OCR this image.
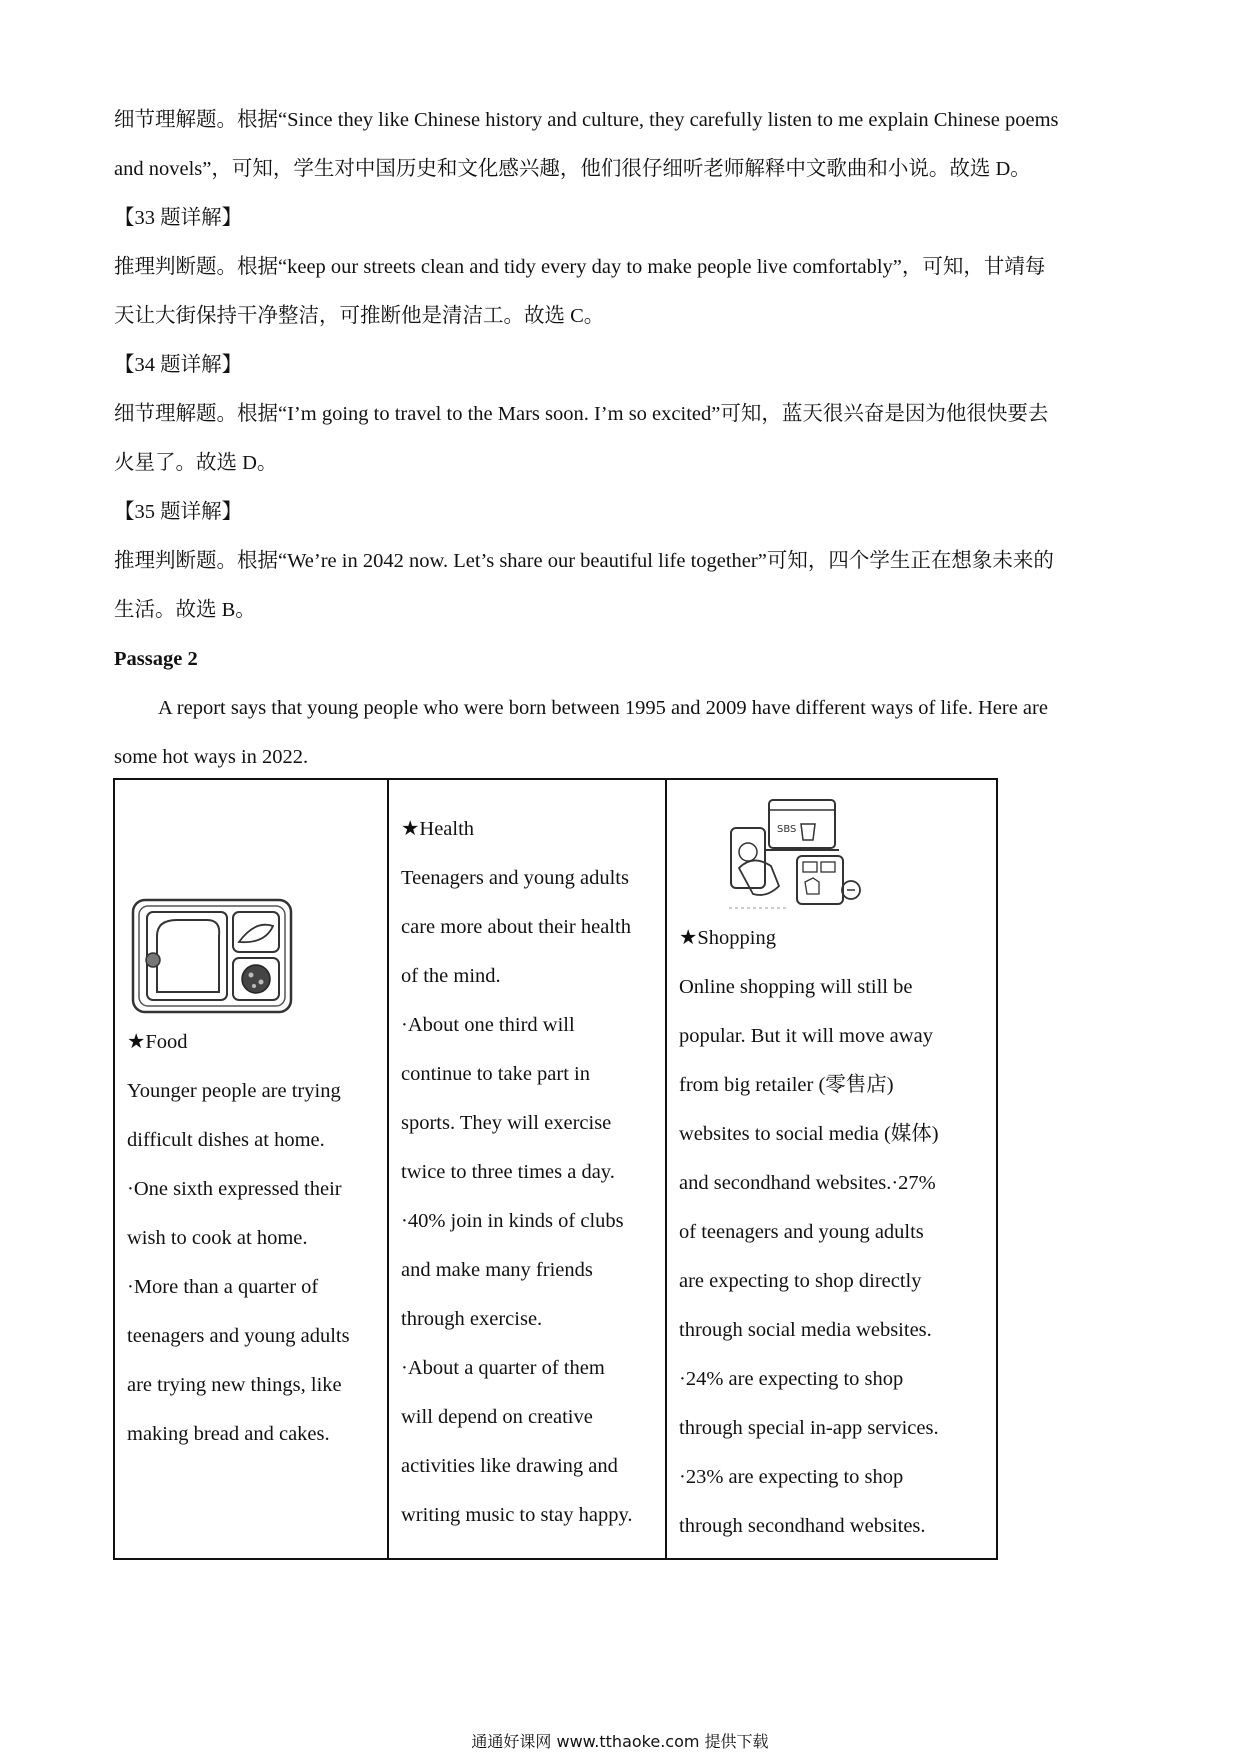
细节理解题。根据“Since they like Chinese history and culture, they carefully listen to me explain Chinese poems
and novels”，可知，学生对中国历史和文化感兴趣，他们很仔细听老师解释中文歌曲和小说。故选 D。
【33 题详解】
推理判断题。根据“keep our streets clean and tidy every day to make people live comfortably”，可知，甘靖每
天让大街保持干净整洁，可推断他是清洁工。故选 C。
【34 题详解】
细节理解题。根据“I’m going to travel to the Mars soon. I’m so excited”可知，蓝天很兴奋是因为他很快要去
火星了。故选 D。
【35 题详解】
推理判断题。根据“We’re in 2042 now. Let’s share our beautiful life together”可知，四个学生正在想象未来的
生活。故选 B。
Passage 2
A report says that young people who were born between 1995 and 2009 have different ways of life. Here are
some hot ways in 2022.
★ Food
Younger people are trying
difficult dishes at home.
·One sixth expressed their
wish to cook at home.
·More than a quarter of
teenagers and young adults
are trying new things, like
making bread and cakes.

★ Health
Teenagers and young adults
care more about their health
of the mind.
·About one third will
continue to take part in
sports. They will exercise
twice to three times a day.
·40% join in kinds of clubs
and make many friends
through exercise.
·About a quarter of them
will depend on creative
activities like drawing and
writing music to stay happy.

SBS
★ Shopping
Online shopping will still be
popular. But it will move away
from big retailer (零售店)
websites to social media (媒体)
and secondhand websites.·27%
of teenagers and young adults
are expecting to shop directly
through social media websites.
·24% are expecting to shop
through special in-app services.
·23% are expecting to shop
through secondhand websites.
通通好课网 www.tthaoke.com 提供下载
